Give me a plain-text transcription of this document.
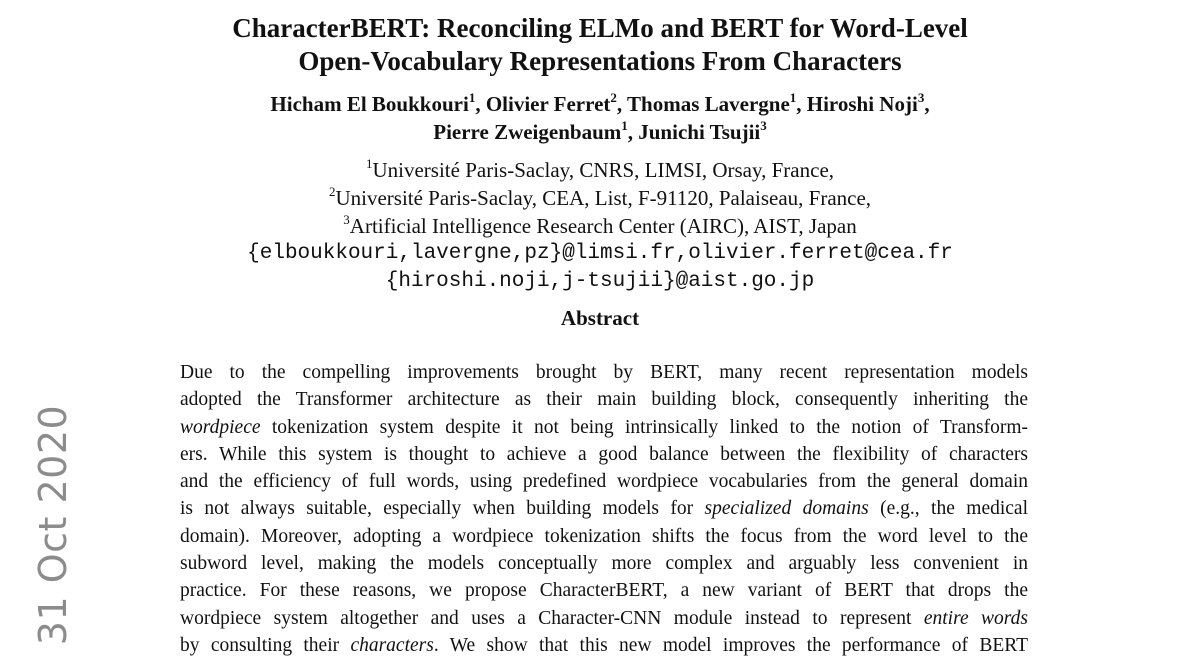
31 Oct 2020
CharacterBERT: Reconciling ELMo and BERT for Word-Level
Open-Vocabulary Representations From Characters
Hicham El Boukkouri$^1$, Olivier Ferret$^2$, Thomas Lavergne$^1$, Hiroshi Noji$^3$,
Pierre Zweigenbaum$^1$, Junichi Tsujii$^3$
$^1$Université Paris-Saclay, CNRS, LIMSI, Orsay, France,
$^2$Université Paris-Saclay, CEA, List, F-91120, Palaiseau, France,
$^3$Artificial Intelligence Research Center (AIRC), AIST, Japan
{elboukkouri,lavergne,pz}@limsi.fr,olivier.ferret@cea.fr
{hiroshi.noji,j-tsujii}@aist.go.jp
Abstract
Due to the compelling improvements brought by BERT, many recent representation models
adopted the Transformer architecture as their main building block, consequently inheriting the
wordpiece tokenization system despite it not being intrinsically linked to the notion of Transform-
ers. While this system is thought to achieve a good balance between the flexibility of characters
and the efficiency of full words, using predefined wordpiece vocabularies from the general domain
is not always suitable, especially when building models for specialized domains (e.g., the medical
domain). Moreover, adopting a wordpiece tokenization shifts the focus from the word level to the
subword level, making the models conceptually more complex and arguably less convenient in
practice. For these reasons, we propose CharacterBERT, a new variant of BERT that drops the
wordpiece system altogether and uses a Character-CNN module instead to represent entire words
by consulting their characters. We show that this new model improves the performance of BERT
